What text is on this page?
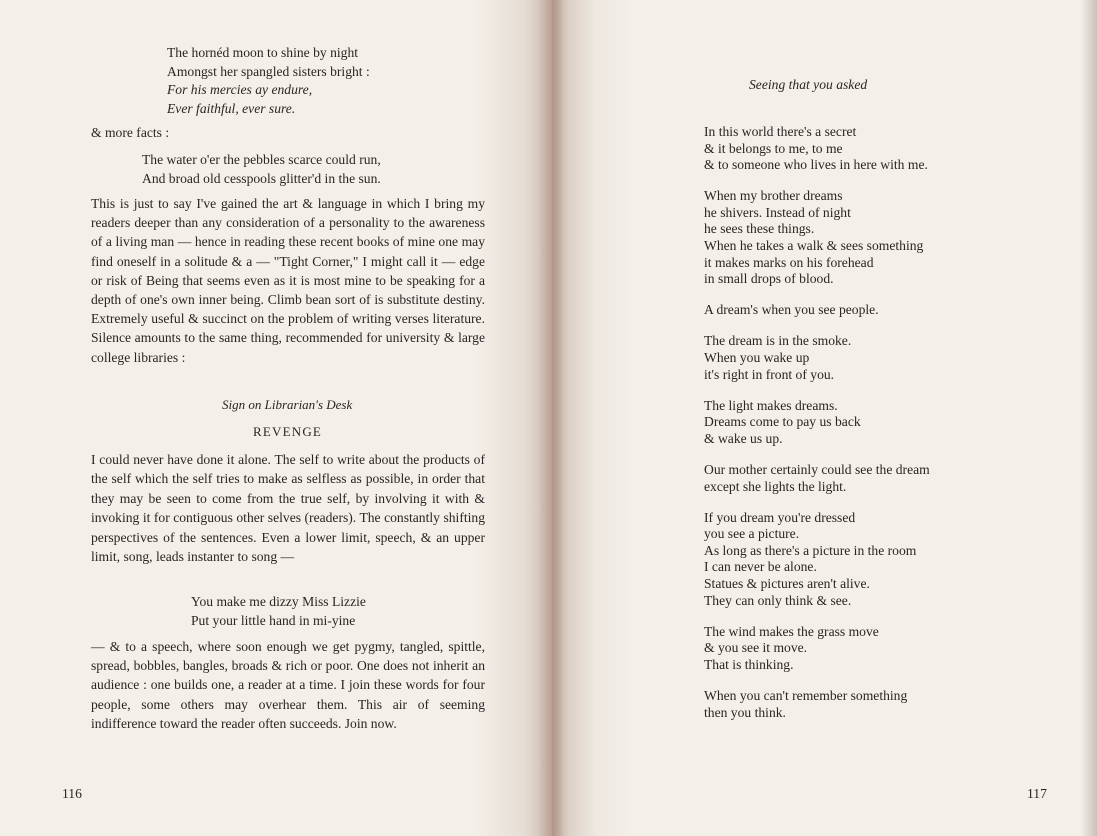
The hornéd moon to shine by night
Amongst her spangled sisters bright :
For his mercies ay endure,
Ever faithful, ever sure.
& more facts :
The water o'er the pebbles scarce could run,
And broad old cesspools glitter'd in the sun.

This is just to say I've gained the art & language in which I bring my readers deeper than any consideration of a personality to the awareness of a living man — hence in reading these recent books of mine one may find oneself in a solitude & a — "Tight Corner," I might call it — edge or risk of Being that seems even as it is most mine to be speaking for a depth of one's own inner being. Climb bean sort of is substitute destiny. Extremely useful & succinct on the problem of writing verses literature. Silence amounts to the same thing, recommended for university & large college libraries :

Sign on Librarian's Desk
REVENGE

I could never have done it alone. The self to write about the products of the self which the self tries to make as selfless as possible, in order that they may be seen to come from the true self, by involving it with & invoking it for contiguous other selves (readers). The constantly shifting perspectives of the sentences. Even a lower limit, speech, & an upper limit, song, leads instanter to song —

You make me dizzy Miss Lizzie
Put your little hand in mi-yine

— & to a speech, where soon enough we get pygmy, tangled, spittle, spread, bobbles, bangles, broads & rich or poor. One does not inherit an audience : one builds one, a reader at a time. I join these words for four people, some others may overhear them. This air of seeming indifference toward the reader often succeeds. Join now.

116
Seeing that you asked
In this world there's a secret
& it belongs to me, to me
& to someone who lives in here with me.
When my brother dreams
he shivers. Instead of night
he sees these things.
When he takes a walk & sees something
it makes marks on his forehead
in small drops of blood.
A dream's when you see people.
The dream is in the smoke.
When you wake up
it's right in front of you.
The light makes dreams.
Dreams come to pay us back
& wake us up.
Our mother certainly could see the dream
except she lights the light.
If you dream you're dressed
you see a picture.
As long as there's a picture in the room
I can never be alone.
Statues & pictures aren't alive.
They can only think & see.
The wind makes the grass move
& you see it move.
That is thinking.
When you can't remember something
then you think.
117
